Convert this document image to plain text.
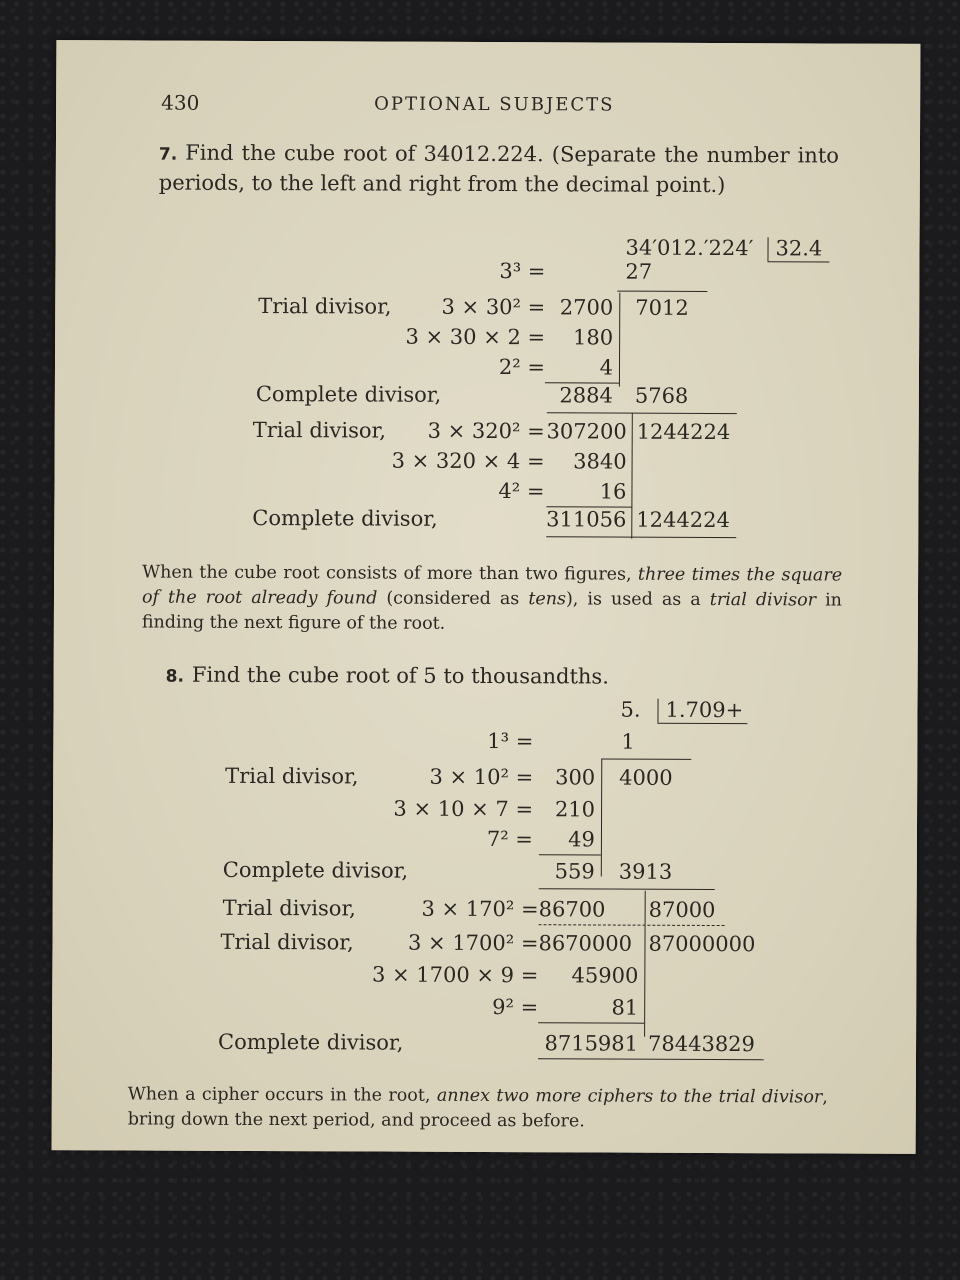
430	OPTIONAL SUBJECTS
7. Find the cube root of 34012.224. (Separate the number into periods, to the left and right from the decimal point.)
34′012.′224′ 32.4
3³ =	27
Trial divisor,	3 × 30² = 2700 7012
3 × 30 × 2 =	180
2² =	4
Complete divisor,	2884 5768
Trial divisor,	3 × 320² = 307200 1244224
3 × 320 × 4 =	3840
4² =	16
Complete divisor,	311056 1244224
When the cube root consists of more than two figures, three times the square of the root already found (considered as tens), is used as a trial divisor in finding the next figure of the root.
8. Find the cube root of 5 to thousandths.
5. 1.709+
1³ =	1
Trial divisor,	3 × 10² =	300 4000
3 × 10 × 7 =	210
7² =	49
Complete divisor,	559 3913
Trial divisor,	3 × 170² = 86700 87000
Trial divisor,	3 × 1700² = 8670000 87000000
3 × 1700 × 9 =	45900
9² =	81
Complete divisor,	8715981 78443829
When a cipher occurs in the root, annex two more ciphers to the trial divisor, bring down the next period, and proceed as before.
